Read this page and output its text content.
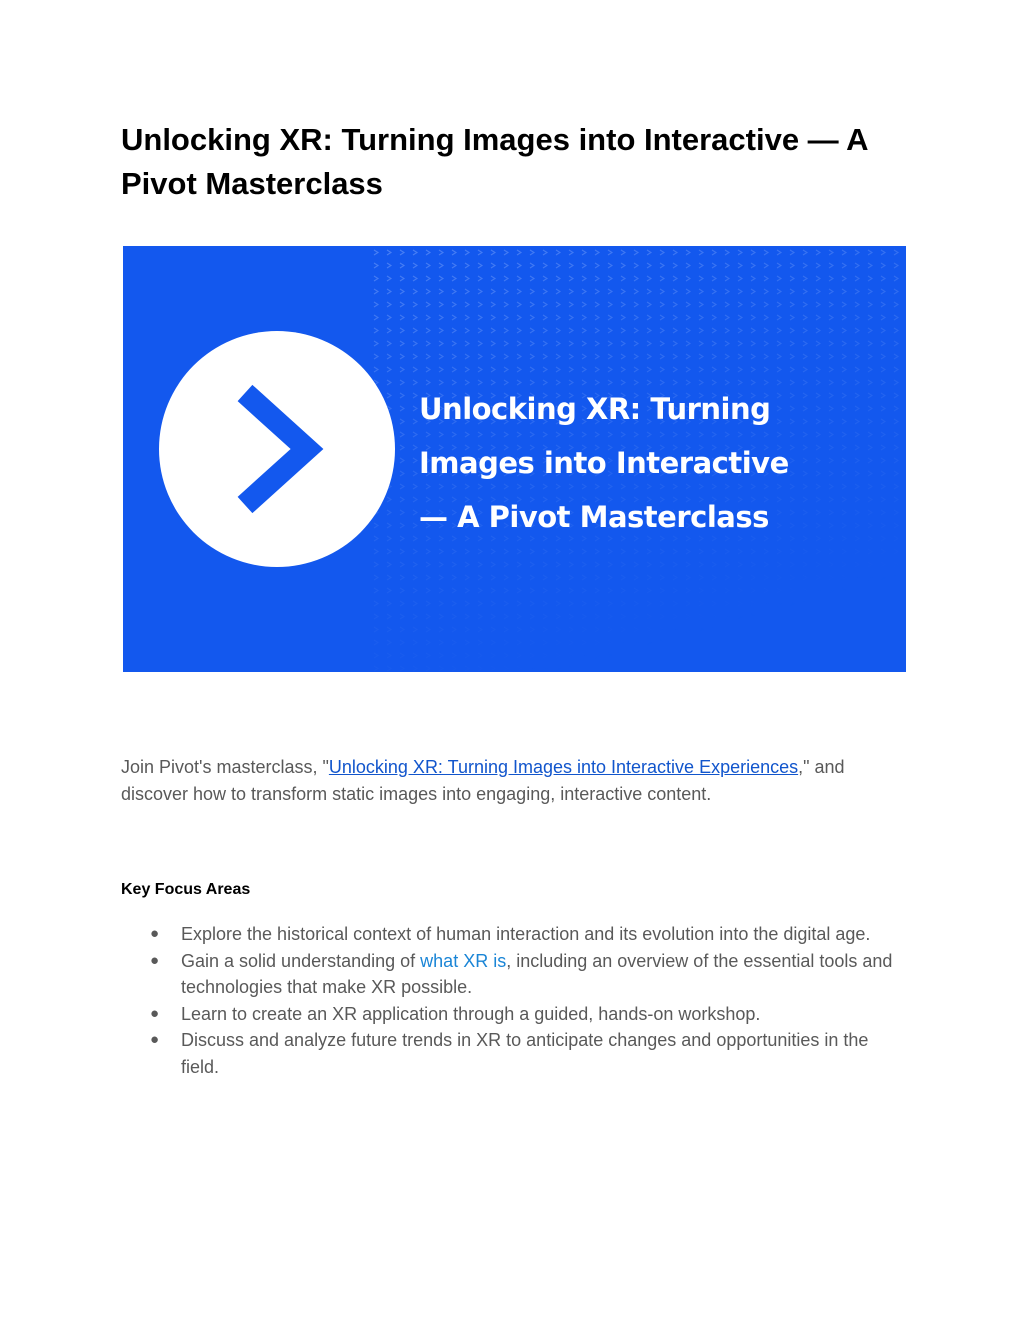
Unlocking XR: Turning Images into Interactive — A Pivot Masterclass
Unlocking XR: Turning
Images into Interactive
— A Pivot Masterclass

Join Pivot's masterclass, "Unlocking XR: Turning Images into Interactive Experiences," and discover how to transform static images into engaging, interactive content.

Key Focus Areas
● Explore the historical context of human interaction and its evolution into the digital age.
● Gain a solid understanding of what XR is, including an overview of the essential tools and technologies that make XR possible.
● Learn to create an XR application through a guided, hands-on workshop.
● Discuss and analyze future trends in XR to anticipate changes and opportunities in the field.
